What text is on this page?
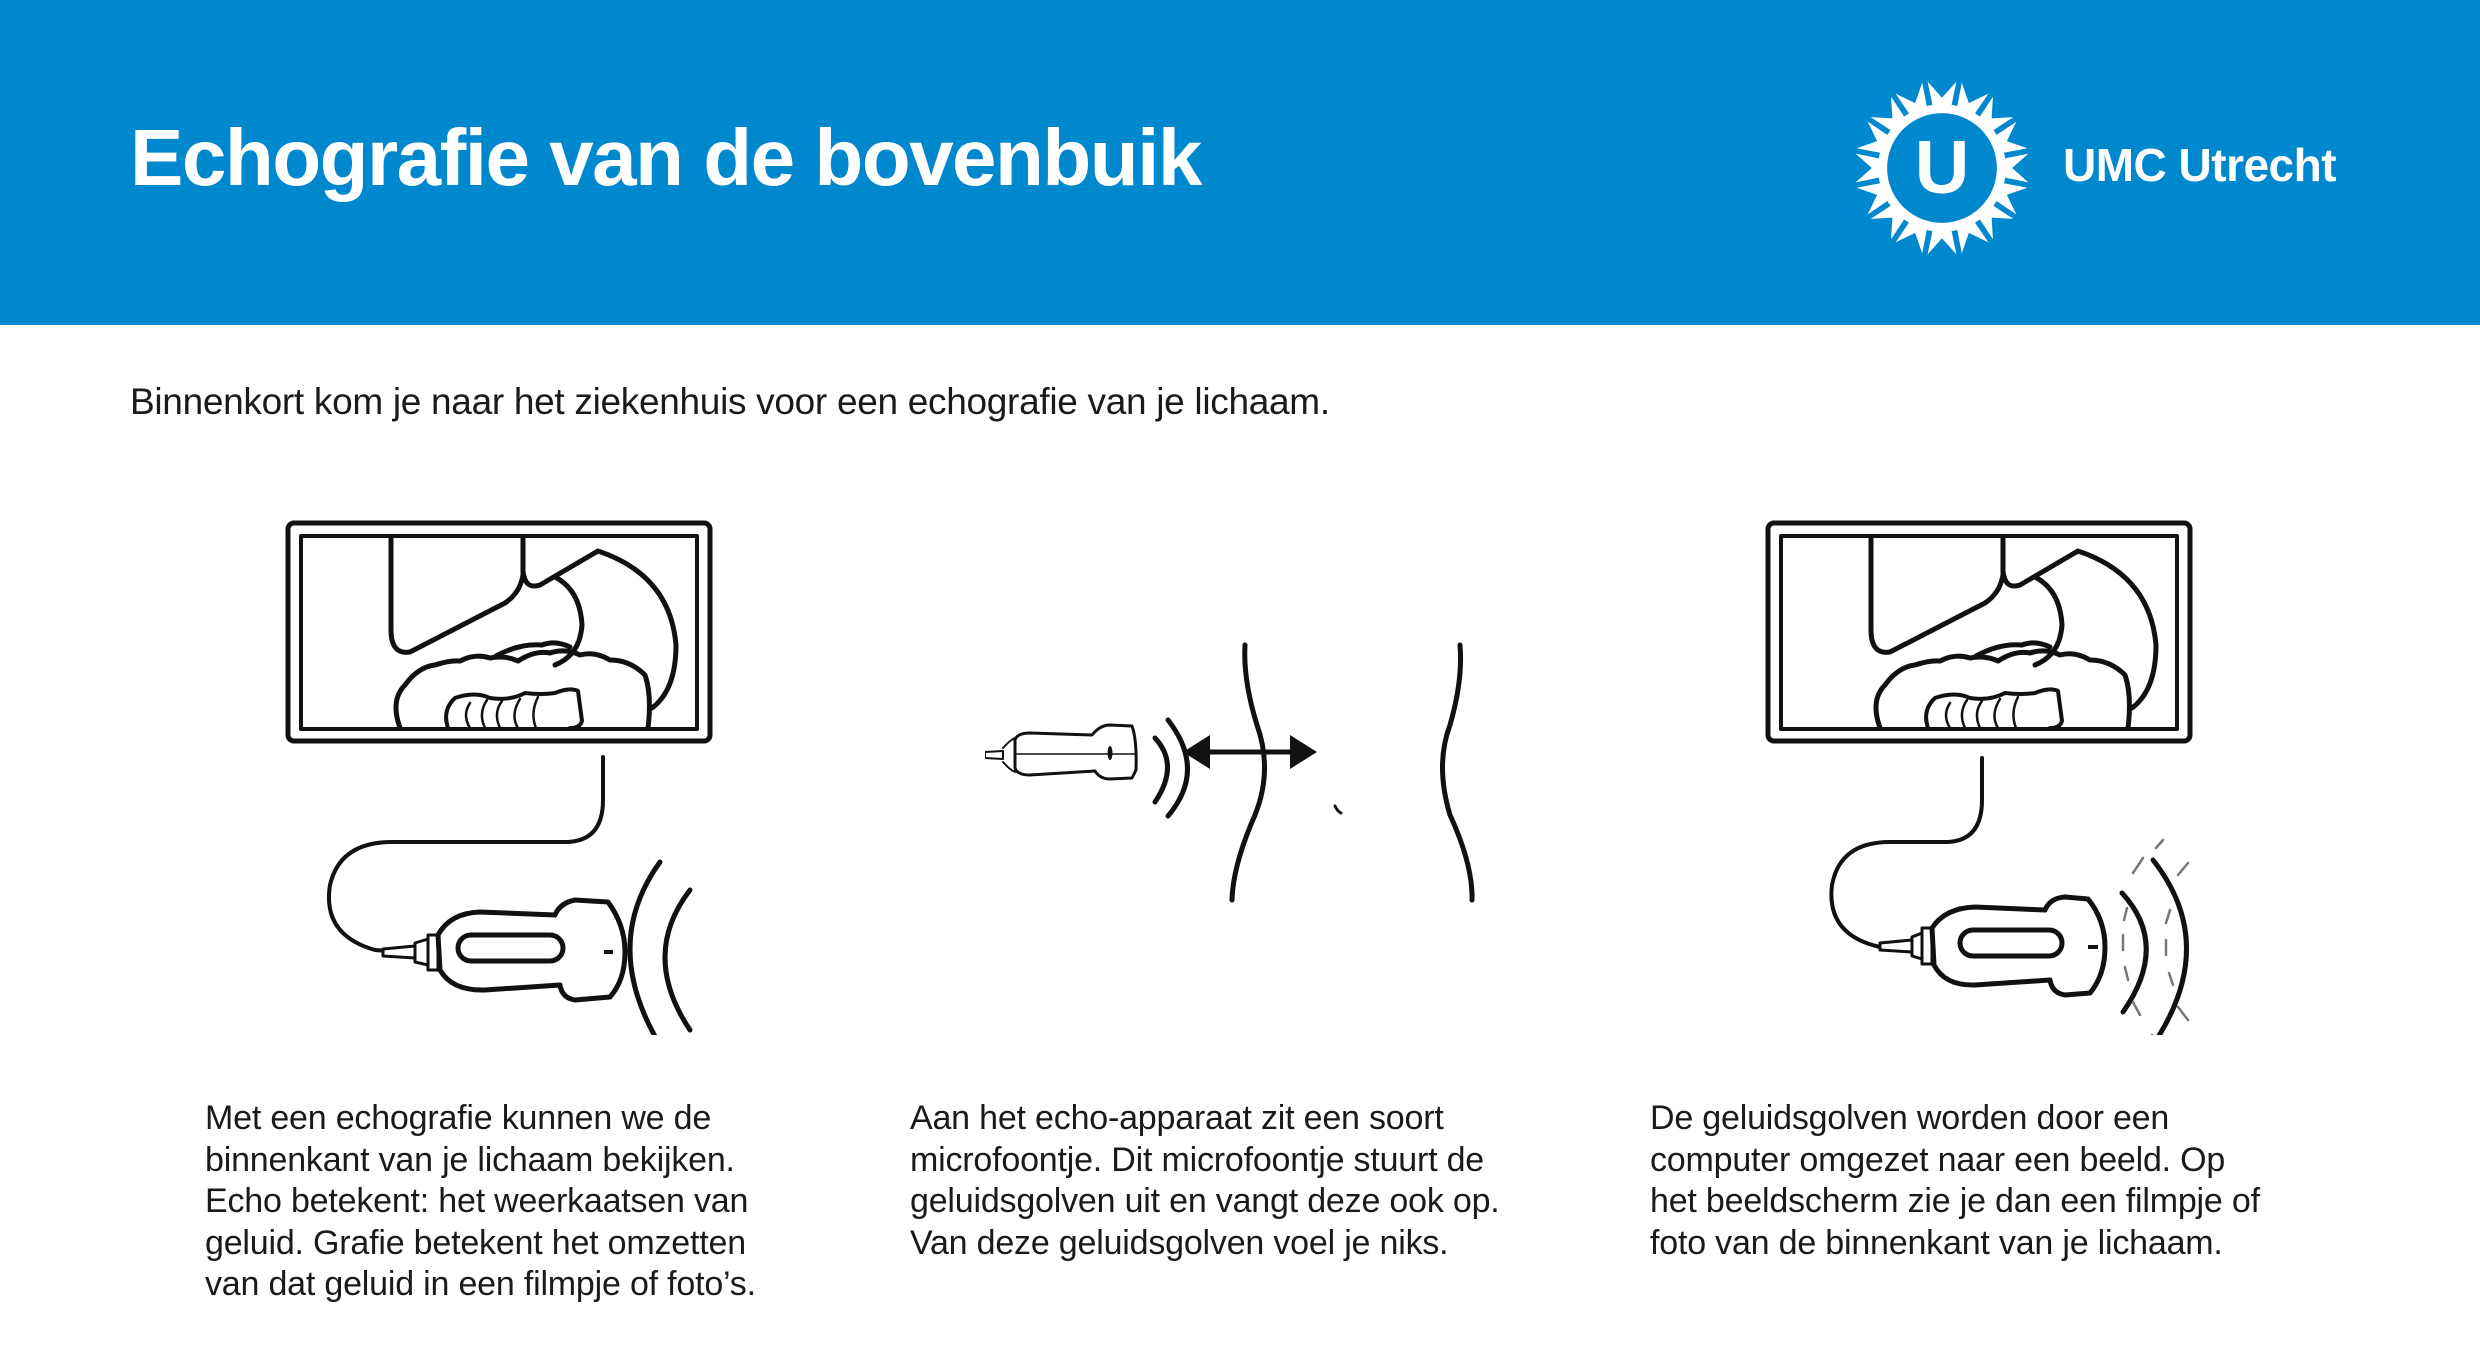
Echografie van de bovenbuik	U UMC Utrecht
Binnenkort kom je naar het ziekenhuis voor een echografie van je lichaam.
Met een echografie kunnen we de
binnenkant van je lichaam bekijken.
Echo betekent: het weerkaatsen van
geluid. Grafie betekent het omzetten
van dat geluid in een filmpje of foto’s.
Aan het echo-apparaat zit een soort
microfoontje. Dit microfoontje stuurt de
geluidsgolven uit en vangt deze ook op.
Van deze geluidsgolven voel je niks.
De geluidsgolven worden door een
computer omgezet naar een beeld. Op
het beeldscherm zie je dan een filmpje of
foto van de binnenkant van je lichaam.
